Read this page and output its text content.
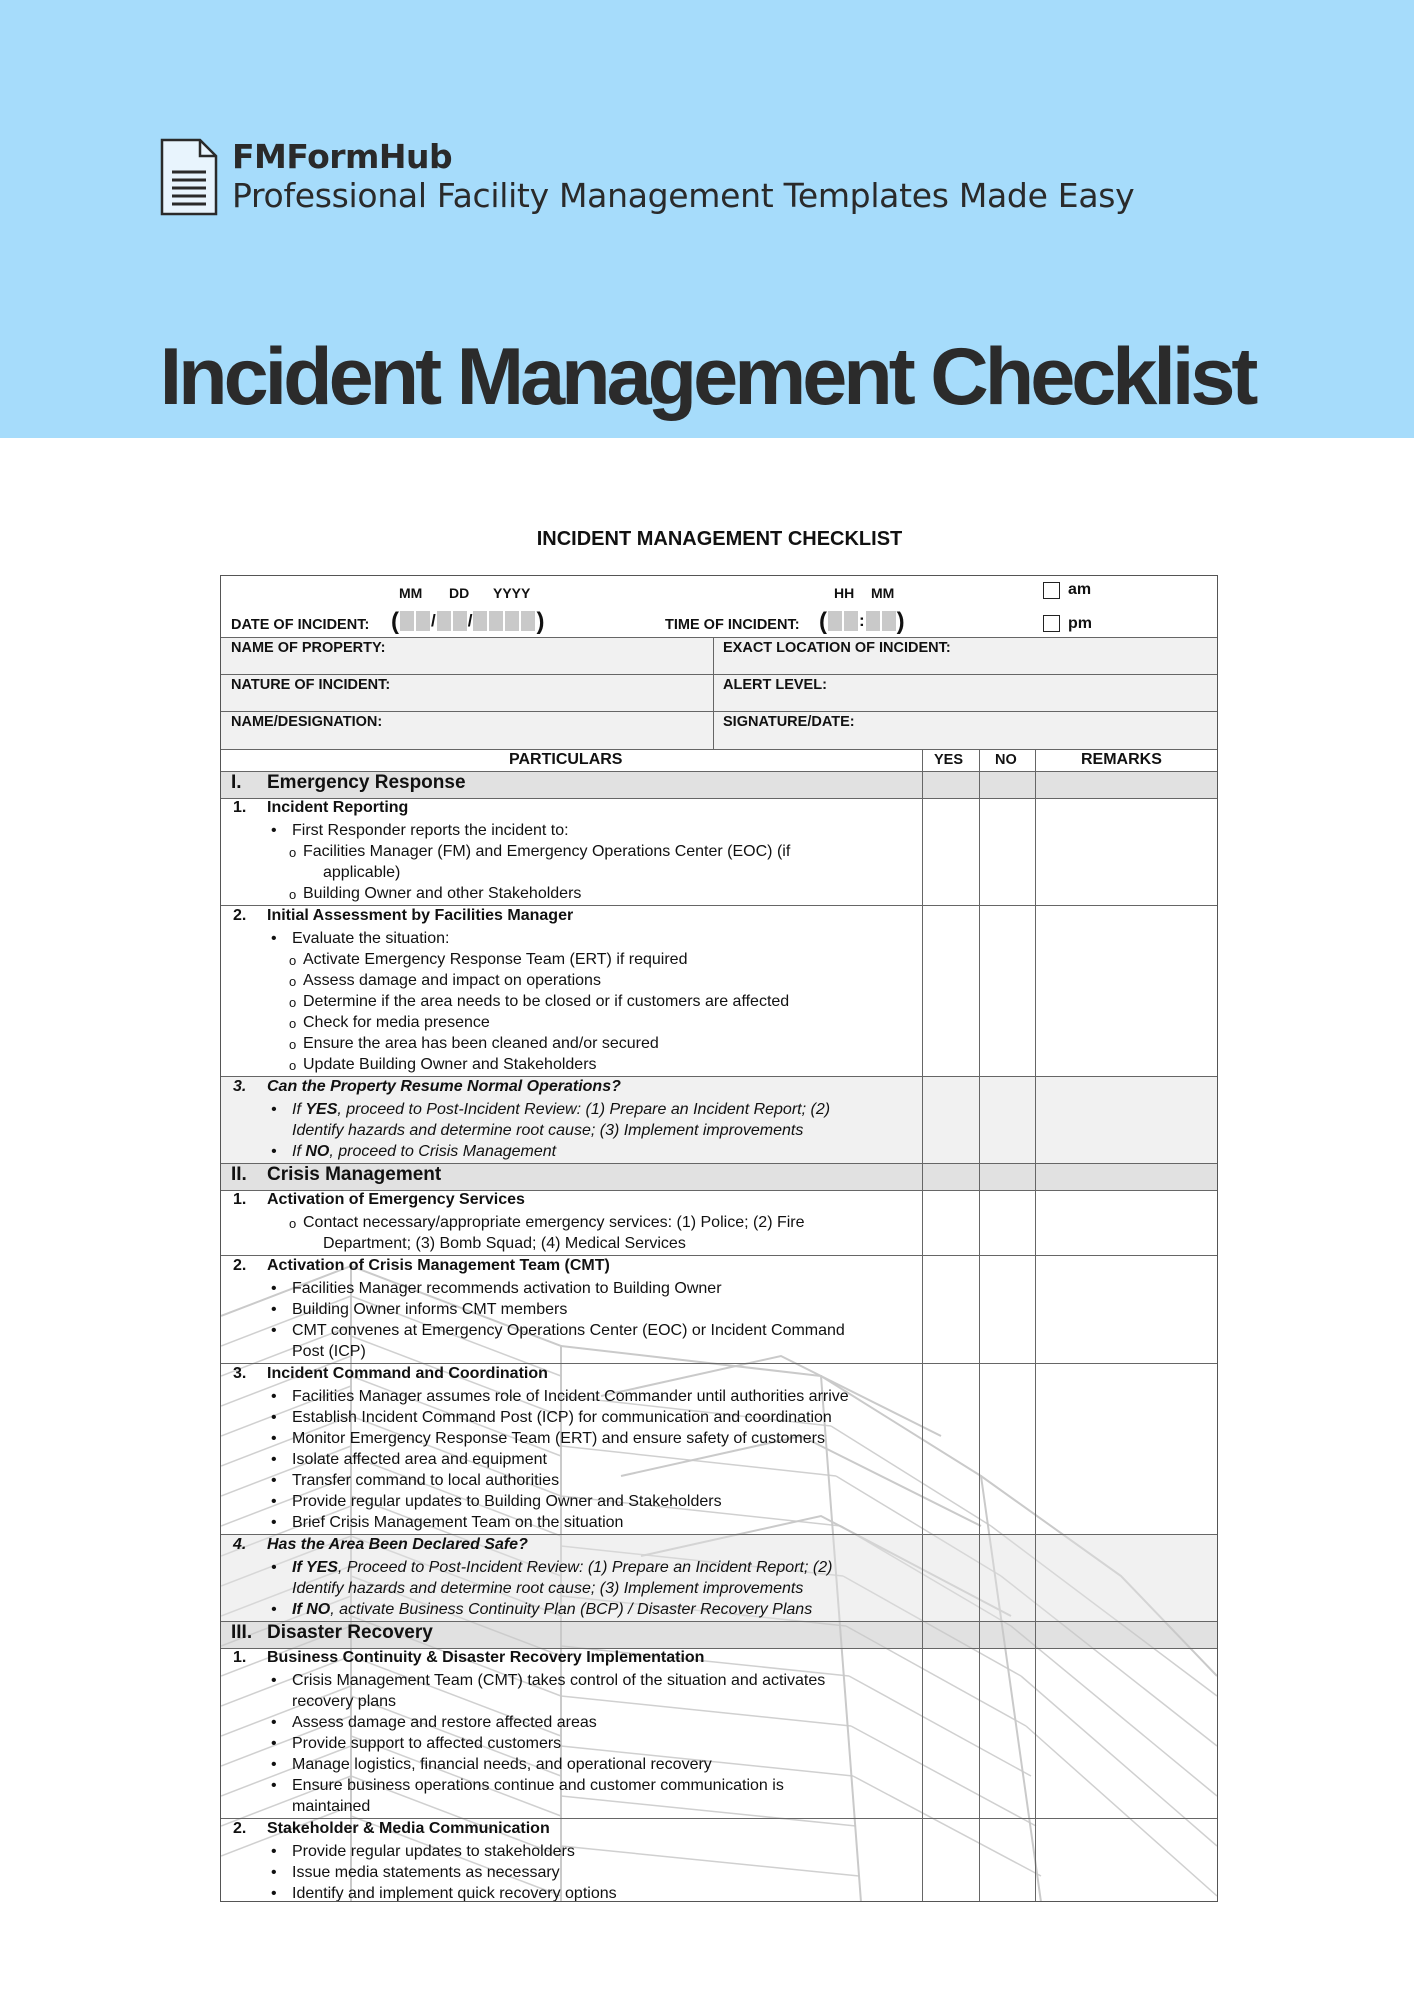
FMFormHub
Professional Facility Management Templates Made Easy
Incident Management Checklist
INCIDENT MANAGEMENT CHECKLIST
MM DD YYYY
DATE OF INCIDENT: ( / /	)
HH MM
TIME OF INCIDENT: ( : )
am
pm
NAME OF PROPERTY:	EXACT LOCATION OF INCIDENT:
NATURE OF INCIDENT:	ALERT LEVEL:
NAME/DESIGNATION:	SIGNATURE/DATE:
PARTICULARS	YES NO	REMARKS
I. Emergency Response
1. Incident Reporting
• First Responder reports the incident to:
o Facilities Manager (FM) and Emergency Operations Center (EOC) (if
applicable)
o Building Owner and other Stakeholders
2. Initial Assessment by Facilities Manager
• Evaluate the situation:
o Activate Emergency Response Team (ERT) if required
o Assess damage and impact on operations
o Determine if the area needs to be closed or if customers are affected
o Check for media presence
o Ensure the area has been cleaned and/or secured
o Update Building Owner and Stakeholders
3. Can the Property Resume Normal Operations?
• If YES, proceed to Post-Incident Review: (1) Prepare an Incident Report; (2)
Identify hazards and determine root cause; (3) Implement improvements
• If NO, proceed to Crisis Management
II. Crisis Management
1. Activation of Emergency Services
o Contact necessary/appropriate emergency services: (1) Police; (2) Fire
Department; (3) Bomb Squad; (4) Medical Services
2. Activation of Crisis Management Team (CMT)
• Facilities Manager recommends activation to Building Owner
• Building Owner informs CMT members
• CMT convenes at Emergency Operations Center (EOC) or Incident Command
Post (ICP)
3. Incident Command and Coordination
• Facilities Manager assumes role of Incident Commander until authorities arrive
• Establish Incident Command Post (ICP) for communication and coordination
• Monitor Emergency Response Team (ERT) and ensure safety of customers
• Isolate affected area and equipment
• Transfer command to local authorities
• Provide regular updates to Building Owner and Stakeholders
• Brief Crisis Management Team on the situation
4. Has the Area Been Declared Safe?
• If YES, Proceed to Post-Incident Review: (1) Prepare an Incident Report; (2)
Identify hazards and determine root cause; (3) Implement improvements
• If NO, activate Business Continuity Plan (BCP) / Disaster Recovery Plans
III. Disaster Recovery
1. Business Continuity & Disaster Recovery Implementation
• Crisis Management Team (CMT) takes control of the situation and activates
recovery plans
• Assess damage and restore affected areas
• Provide support to affected customers
• Manage logistics, financial needs, and operational recovery
• Ensure business operations continue and customer communication is
maintained
2. Stakeholder & Media Communication
• Provide regular updates to stakeholders
• Issue media statements as necessary
• Identify and implement quick recovery options
